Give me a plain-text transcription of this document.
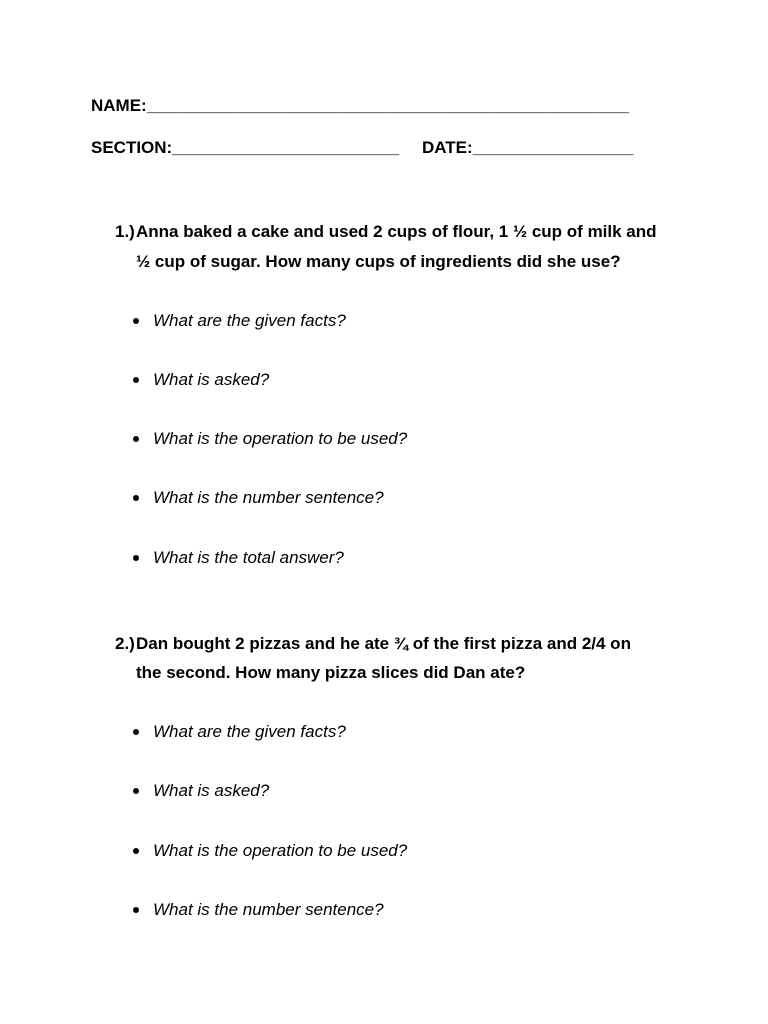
NAME:___________________________________________________
SECTION:________________________ DATE:_________________
1.) Anna baked a cake and used 2 cups of flour, 1 ½ cup of milk and
½ cup of sugar. How many cups of ingredients did she use?
What are the given facts?
What is asked?
What is the operation to be used?
What is the number sentence?
What is the total answer?
2.) Dan bought 2 pizzas and he ate ¾ of the first pizza and 2/4 on
the second. How many pizza slices did Dan ate?
What are the given facts?
What is asked?
What is the operation to be used?
What is the number sentence?
